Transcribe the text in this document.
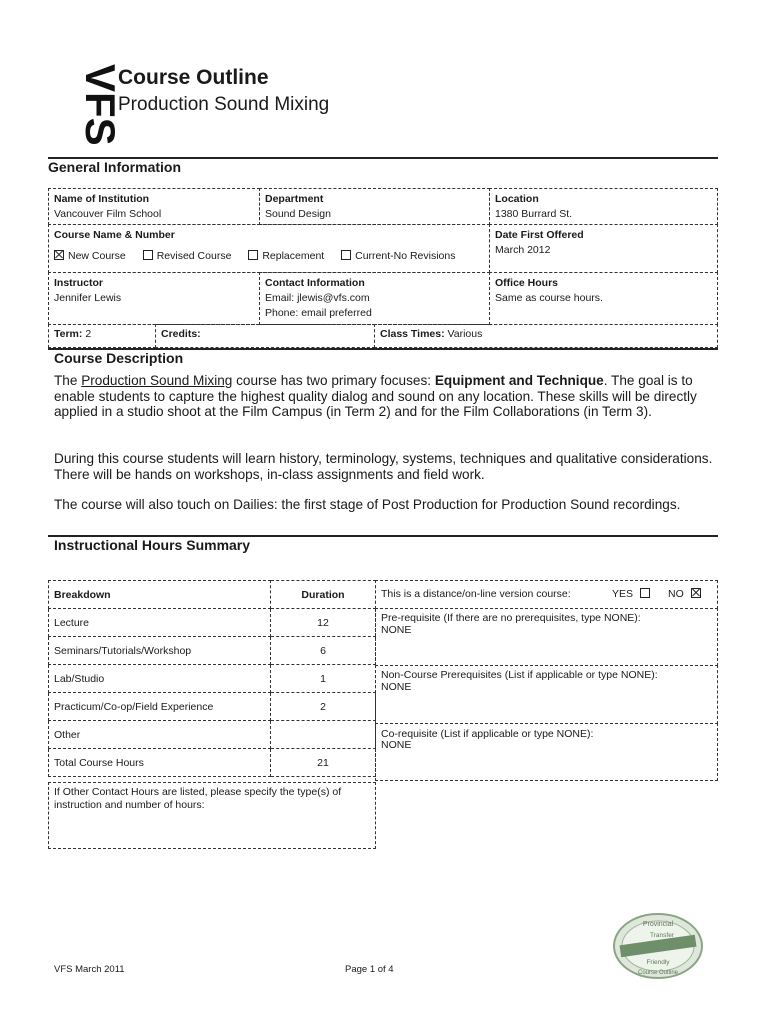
VFS
Course Outline
Production Sound Mixing
General Information
Name of Institution
Vancouver Film School
Department
Sound Design
Location
1380 Burrard St.
Course Name & Number
New Course	Revised Course	Replacement	Current-No Revisions
Date First Offered
March 2012
Instructor
Jennifer Lewis
Contact Information
Email: jlewis@vfs.com
Phone: email preferred
Office Hours
Same as course hours.
Term: 2	Credits:	Class Times: Various
Course Description
The Production Sound Mixing course has two primary focuses: Equipment and Technique. The goal is to enable students to capture the highest quality dialog and sound on any location. These skills will be directly applied in a studio shoot at the Film Campus (in Term 2) and for the Film Collaborations (in Term 3).
During this course students will learn history, terminology, systems, techniques and qualitative considerations. There will be hands on workshops, in-class assignments and field work.
The course will also touch on Dailies: the first stage of Post Production for Production Sound recordings.
Instructional Hours Summary
Breakdown	Duration
Lecture	12
Seminars/Tutorials/Workshop	6
Lab/Studio	1
Practicum/Co-op/Field Experience	2
Other	
Total Course Hours	21
If Other Contact Hours are listed, please specify the type(s) of instruction and number of hours:
This is a distance/on-line version course:	YES	NO
Pre-requisite (If there are no prerequisites, type NONE):
NONE
Non-Course Prerequisites (List if applicable or type NONE):
NONE
Co-requisite (List if applicable or type NONE):
NONE
VFS March 2011	Page 1 of 4
Provincial
Transfer
Friendly
Course Outline
